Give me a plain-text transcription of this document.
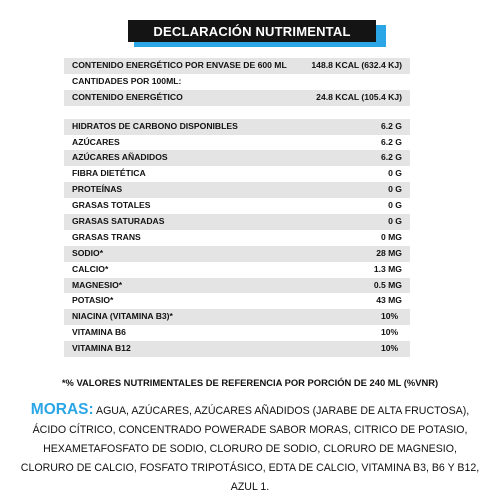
DECLARACIÓN NUTRIMENTAL
CONTENIDO ENERGÉTICO POR ENVASE DE 600 ML	148.8 KCAL (632.4 KJ)
CANTIDADES POR 100ML:
CONTENIDO ENERGÉTICO	24.8 KCAL (105.4 KJ)
HIDRATOS DE CARBONO DISPONIBLES	6.2 G
AZÚCARES	6.2 G
AZÚCARES AÑADIDOS	6.2 G
FIBRA DIETÉTICA	0 G
PROTEÍNAS	0 G
GRASAS TOTALES	0 G
GRASAS SATURADAS	0 G
GRASAS TRANS	0 MG
SODIO*	28 MG
CALCIO*	1.3 MG
MAGNESIO*	0.5 MG
POTASIO*	43 MG
NIACINA (VITAMINA B3)*	10%
VITAMINA B6	10%
VITAMINA B12	10%
*% VALORES NUTRIMENTALES DE REFERENCIA POR PORCIÓN DE 240 ML (%VNR)
MORAS: AGUA, AZÚCARES, AZÚCARES AÑADIDOS (JARABE DE ALTA FRUCTOSA), ÁCIDO CÍTRICO, CONCENTRADO POWERADE SABOR MORAS, CITRICO DE POTASIO, HEXAMETAFOSFATO DE SODIO, CLORURO DE SODIO, CLORURO DE MAGNESIO, CLORURO DE CALCIO, FOSFATO TRIPOTÁSICO, EDTA DE CALCIO, VITAMINA B3, B6 Y B12, AZUL 1.
